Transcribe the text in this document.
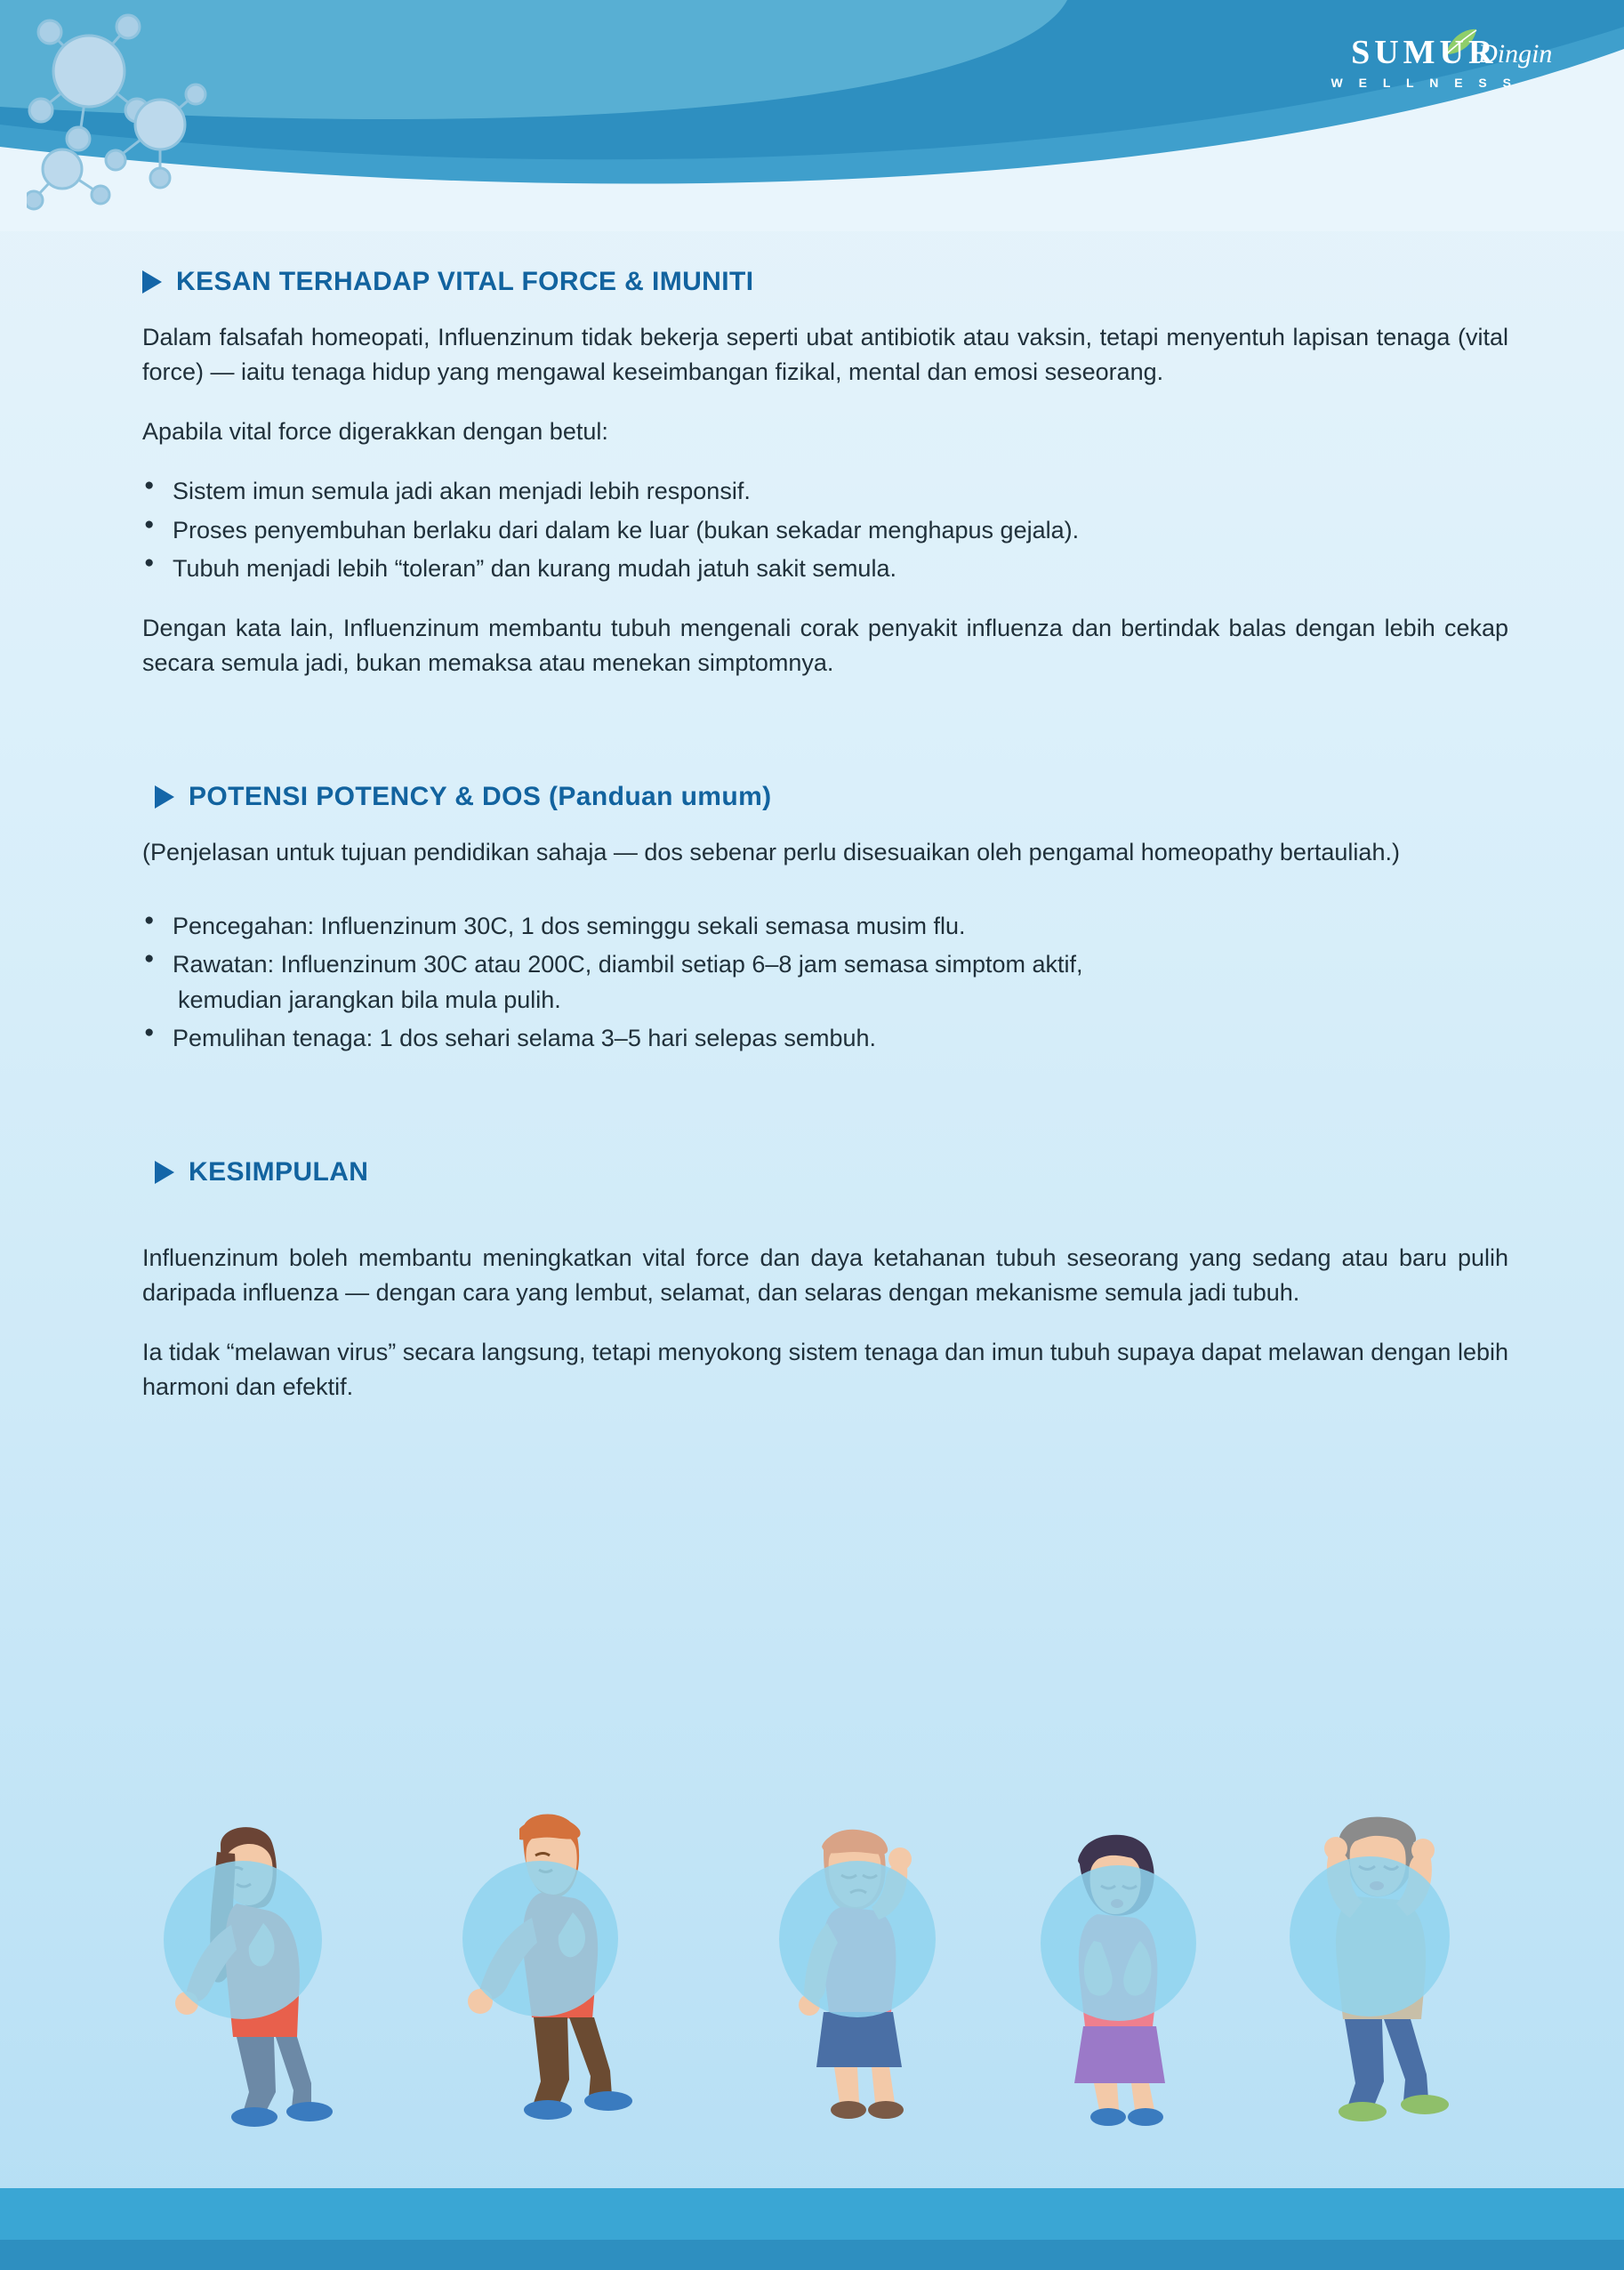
SUMUR
Dingin
W E L L N E S S
KESAN TERHADAP VITAL FORCE & IMUNITI

Dalam falsafah homeopati, Influenzinum tidak bekerja seperti ubat antibiotik atau vaksin, tetapi menyentuh lapisan tenaga (vital force) — iaitu tenaga hidup yang mengawal keseimbangan fizikal, mental dan emosi seseorang.

Apabila vital force digerakkan dengan betul:

● Sistem imun semula jadi akan menjadi lebih responsif.
● Proses penyembuhan berlaku dari dalam ke luar (bukan sekadar menghapus gejala).
● Tubuh menjadi lebih “toleran” dan kurang mudah jatuh sakit semula.

Dengan kata lain, Influenzinum membantu tubuh mengenali corak penyakit influenza dan bertindak balas dengan lebih cekap secara semula jadi, bukan memaksa atau menekan simptomnya.

POTENSI POTENCY & DOS (Panduan umum)

(Penjelasan untuk tujuan pendidikan sahaja — dos sebenar perlu disesuaikan oleh pengamal homeopathy bertauliah.)

● Pencegahan: Influenzinum 30C, 1 dos seminggu sekali semasa musim flu.
● Rawatan: Influenzinum 30C atau 200C, diambil setiap 6–8 jam semasa simptom aktif,
kemudian jarangkan bila mula pulih.
● Pemulihan tenaga: 1 dos sehari selama 3–5 hari selepas sembuh.
KESIMPULAN

Influenzinum boleh membantu meningkatkan vital force dan daya ketahanan tubuh seseorang yang sedang atau baru pulih daripada influenza — dengan cara yang lembut, selamat, dan selaras dengan mekanisme semula jadi tubuh.

Ia tidak “melawan virus” secara langsung, tetapi menyokong sistem tenaga dan imun tubuh supaya dapat melawan dengan lebih harmoni dan efektif.
